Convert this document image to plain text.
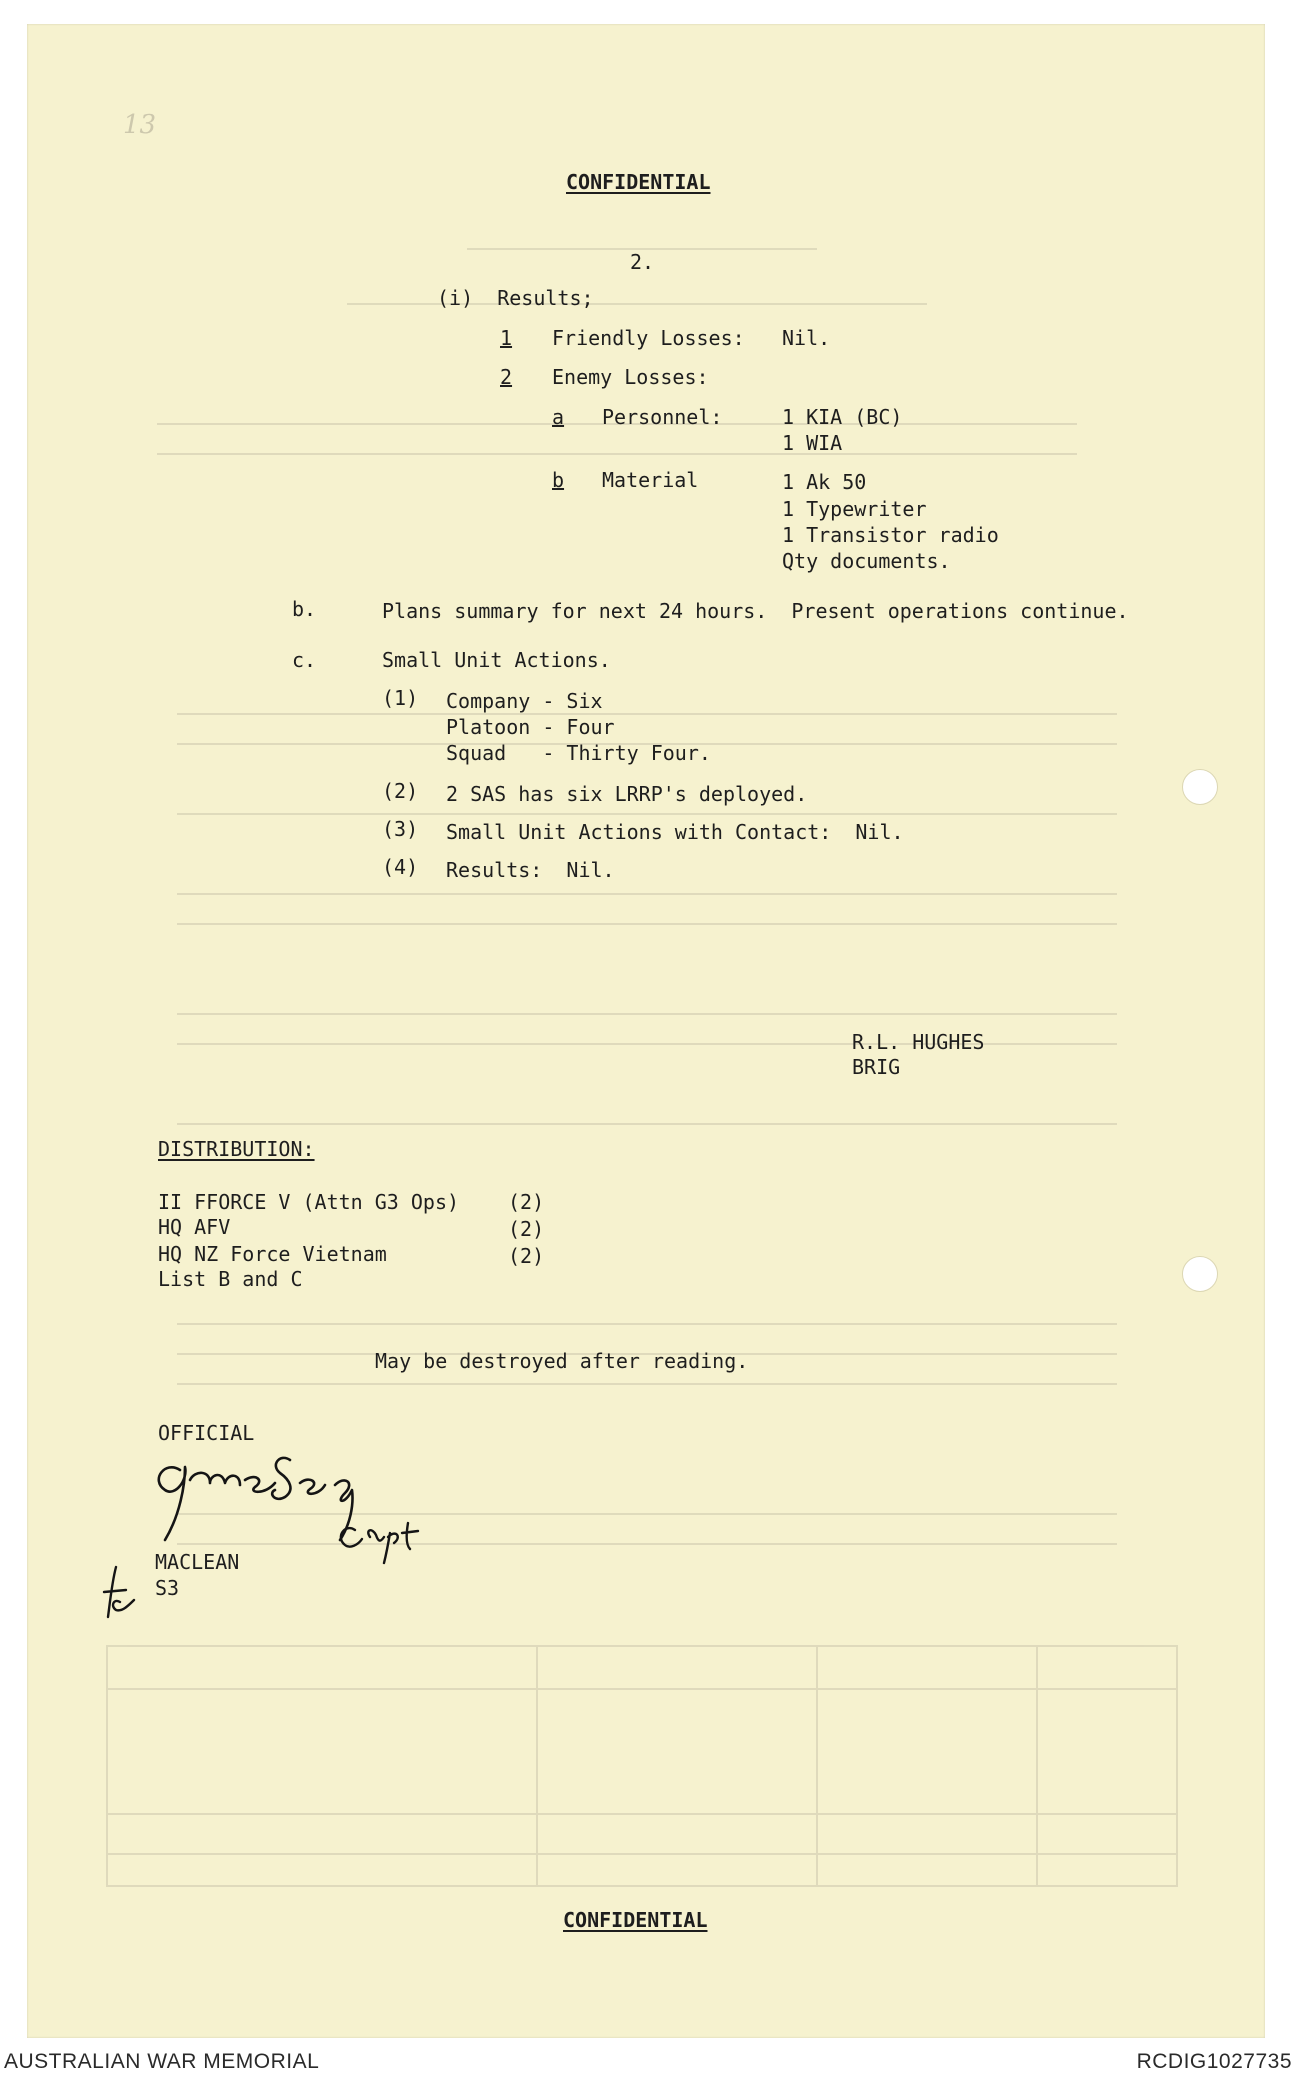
13
CONFIDENTIAL
2.
(i)  Results;
1 Friendly Losses: Nil.
2 Enemy Losses:
a Personnel:	1 KIA (BC)
1 WIA
b Material	1 Ak 50
1 Typewriter
1 Transistor radio
Qty documents.
b.	Plans summary for next 24 hours.  Present operations continue.
c.	Small Unit Actions.
(1) Company - Six
Platoon - Four
Squad   - Thirty Four.
(2) 2 SAS has six LRRP's deployed.
(3) Small Unit Actions with Contact:  Nil.
(4) Results:  Nil.
R.L. HUGHES
BRIG
DISTRIBUTION:
II FFORCE V (Attn G3 Ops) (2)
HQ AFV	(2)
HQ NZ Force Vietnam	(2)
List B and C
May be destroyed after reading.
OFFICIAL
MACLEAN
S3
CONFIDENTIAL
AUSTRALIAN WAR MEMORIAL	RCDIG1027735
